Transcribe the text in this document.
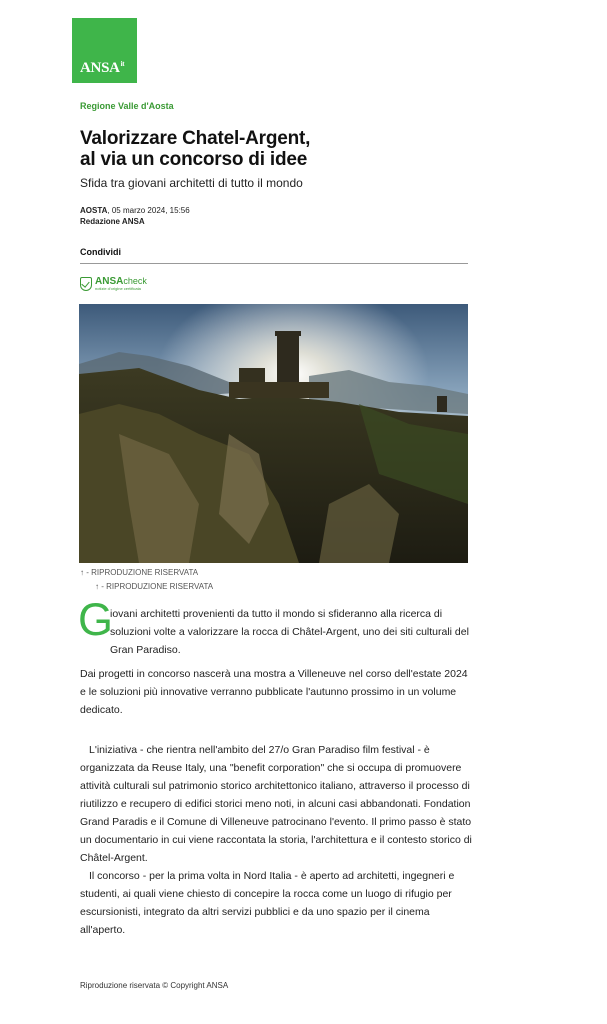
$ANSA^{it}$
Regione Valle d'Aosta
Valorizzare Chatel-Argent,
al via un concorso di idee
Sfida tra giovani architetti di tutto il mondo
AOSTA, 05 marzo 2024, 15:56
Redazione ANSA
Condividi
ANSAcheck
notizie d'origine certificata
↑ - RIPRODUZIONE RISERVATA
↑ - RIPRODUZIONE RISERVATA
G
iovani architetti provenienti da tutto il mondo si sfideranno alla ricerca di soluzioni volte a valorizzare la rocca di Châtel-Argent, uno dei siti culturali del Gran Paradiso.
Dai progetti in concorso nascerà una mostra a Villeneuve nel corso dell'estate 2024 e le soluzioni più innovative verranno pubblicate l'autunno prossimo in un volume dedicato.

L'iniziativa - che rientra nell'ambito del 27/o Gran Paradiso film festival - è organizzata da Reuse Italy, una "benefit corporation" che si occupa di promuovere attività culturali sul patrimonio storico architettonico italiano, attraverso il processo di riutilizzo e recupero di edifici storici meno noti, in alcuni casi abbandonati. Fondation Grand Paradis e il Comune di Villeneuve patrocinano l'evento. Il primo passo è stato un documentario in cui viene raccontata la storia, l'architettura e il contesto storico di Châtel-Argent.

Il concorso - per la prima volta in Nord Italia - è aperto ad architetti, ingegneri e studenti, ai quali viene chiesto di concepire la rocca come un luogo di rifugio per escursionisti, integrato da altri servizi pubblici e da uno spazio per il cinema all'aperto.

Riproduzione riservata © Copyright ANSA
